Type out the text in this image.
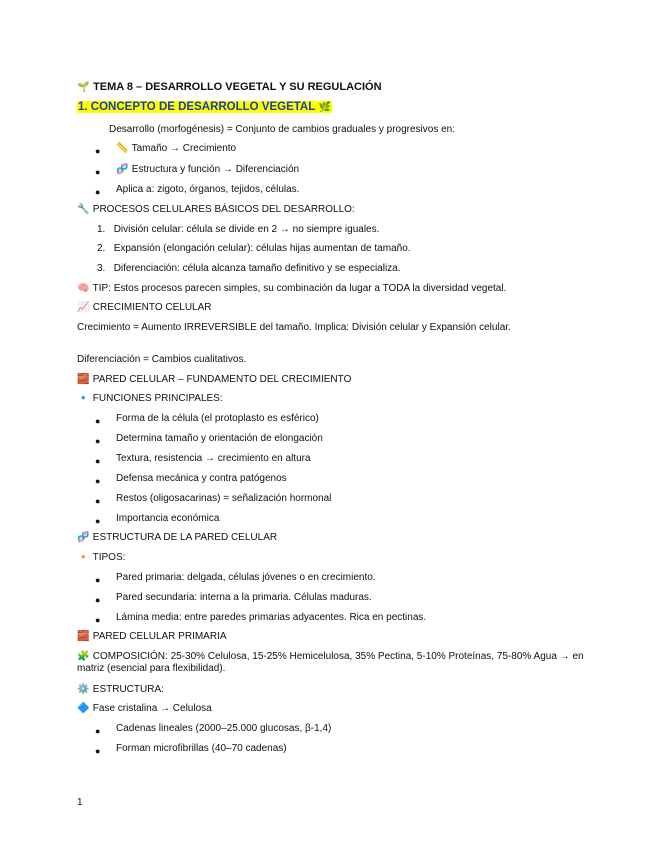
🌱 TEMA 8 – DESARROLLO VEGETAL Y SU REGULACIÓN
1. CONCEPTO DE DESARROLLO VEGETAL 🌿
Desarrollo (morfogénesis) = Conjunto de cambios graduales y progresivos en:
● 📏 Tamaño → Crecimiento
● 🧬 Estructura y función → Diferenciación
● Aplica a: zigoto, órganos, tejidos, células.
🔧 PROCESOS CELULARES BÁSICOS DEL DESARROLLO:
1.   División celular: célula se divide en 2 → no siempre iguales.
2.   Expansión (elongación celular): células hijas aumentan de tamaño.
3.   Diferenciación: célula alcanza tamaño definitivo y se especializa.
🧠 TIP: Estos procesos parecen simples, su combinación da lugar a TODA la diversidad vegetal.
📈 CRECIMIENTO CELULAR
Crecimiento = Aumento IRREVERSIBLE del tamaño. Implica: División celular y Expansión celular.
Diferenciación = Cambios cualitativos.
🧱 PARED CELULAR – FUNDAMENTO DEL CRECIMIENTO
🔹 FUNCIONES PRINCIPALES:
● Forma de la célula (el protoplasto es esférico)
● Determina tamaño y orientación de elongación
● Textura, resistencia → crecimiento en altura
● Defensa mecánica y contra patógenos
● Restos (oligosacarinas) = señalización hormonal
● Importancia económica
🧬 ESTRUCTURA DE LA PARED CELULAR
🔸 TIPOS:
● Pared primaria: delgada, células jóvenes o en crecimiento.
● Pared secundaria: interna a la primaria. Células maduras.
● Lámina media: entre paredes primarias adyacentes. Rica en pectinas.
🧱 PARED CELULAR PRIMARIA
🧩 COMPOSICIÓN: 25-30% Celulosa, 15-25% Hemicelulosa, 35% Pectina, 5-10% Proteínas, 75-80% Agua → en matriz (esencial para flexibilidad).
⚙️ ESTRUCTURA:
🔷 Fase cristalina → Celulosa
● Cadenas lineales (2000–25.000 glucosas, β-1,4)
● Forman microfibrillas (40–70 cadenas)
1
